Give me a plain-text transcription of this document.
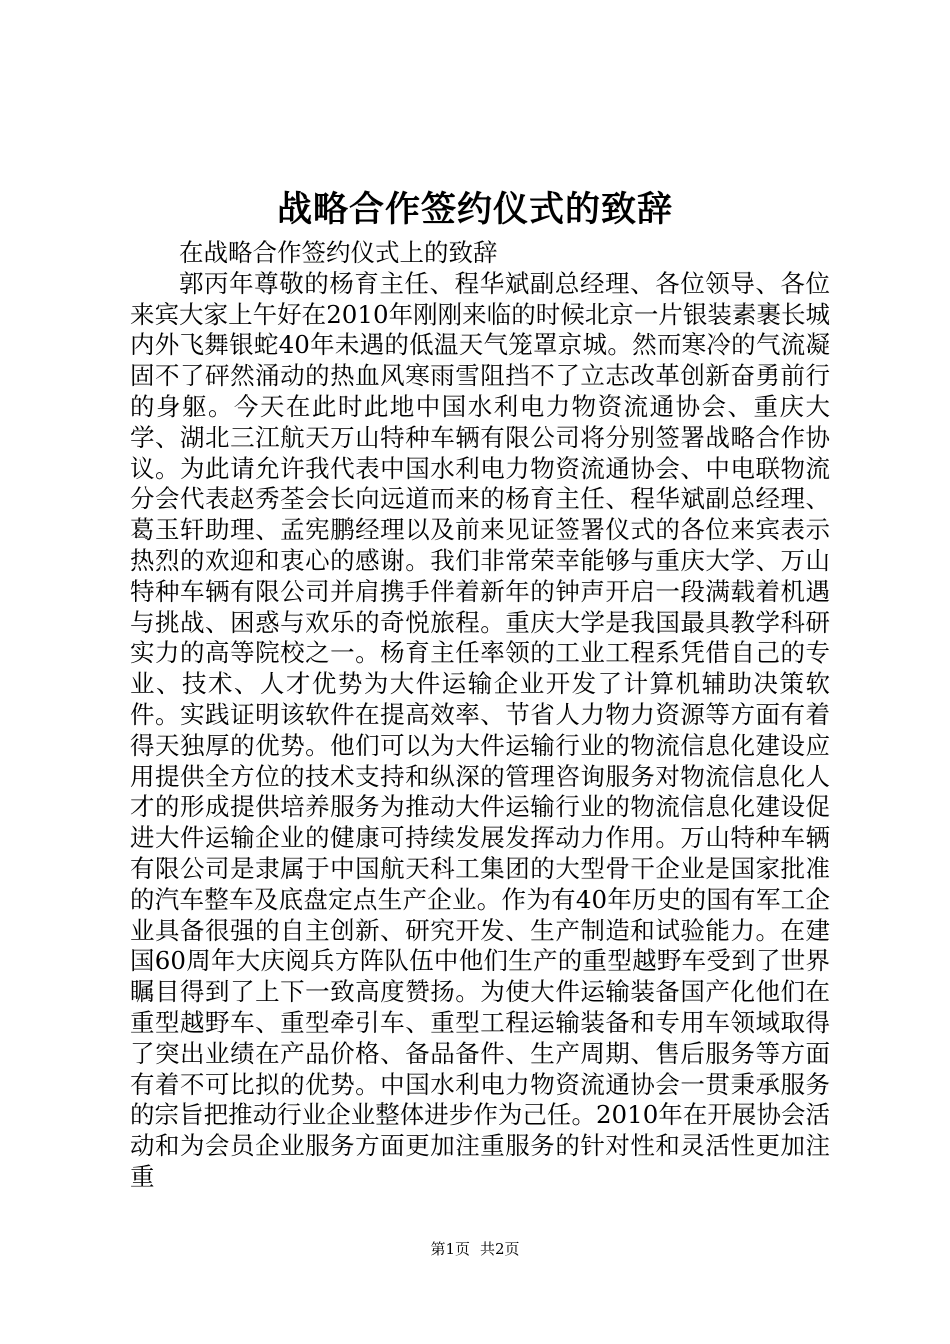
战略合作签约仪式的致辞

在战略合作签约仪式上的致辞

郭丙年尊敬的杨育主任、程华斌副总经理、各位领导、各位来宾大家上午好在2010年刚刚来临的时候北京一片银装素裹长城内外飞舞银蛇40年未遇的低温天气笼罩京城。然而寒冷的气流凝固不了砰然涌动的热血风寒雨雪阻挡不了立志改革创新奋勇前行的身躯。今天在此时此地中国水利电力物资流通协会、重庆大学、湖北三江航天万山特种车辆有限公司将分别签署战略合作协议。为此请允许我代表中国水利电力物资流通协会、中电联物流分会代表赵秀荃会长向远道而来的杨育主任、程华斌副总经理、葛玉轩助理、孟宪鹏经理以及前来见证签署仪式的各位来宾表示热烈的欢迎和衷心的感谢。我们非常荣幸能够与重庆大学、万山特种车辆有限公司并肩携手伴着新年的钟声开启一段满载着机遇与挑战、困惑与欢乐的奇悦旅程。重庆大学是我国最具教学科研实力的高等院校之一。杨育主任率领的工业工程系凭借自己的专业、技术、人才优势为大件运输企业开发了计算机辅助决策软件。实践证明该软件在提高效率、节省人力物力资源等方面有着得天独厚的优势。他们可以为大件运输行业的物流信息化建设应用提供全方位的技术支持和纵深的管理咨询服务对物流信息化人才的形成提供培养服务为推动大件运输行业的物流信息化建设促进大件运输企业的健康可持续发展发挥动力作用。万山特种车辆有限公司是隶属于中国航天科工集团的大型骨干企业是国家批准的汽车整车及底盘定点生产企业。作为有40年历史的国有军工企业具备很强的自主创新、研究开发、生产制造和试验能力。在建国60周年大庆阅兵方阵队伍中他们生产的重型越野车受到了世界瞩目得到了上下一致高度赞扬。为使大件运输装备国产化他们在重型越野车、重型牵引车、重型工程运输装备和专用车领域取得了突出业绩在产品价格、备品备件、生产周期、售后服务等方面有着不可比拟的优势。中国水利电力物资流通协会一贯秉承服务的宗旨把推动行业企业整体进步作为己任。2010年在开展协会活动和为会员企业服务方面更加注重服务的针对性和灵活性更加注重

第1页 共2页
